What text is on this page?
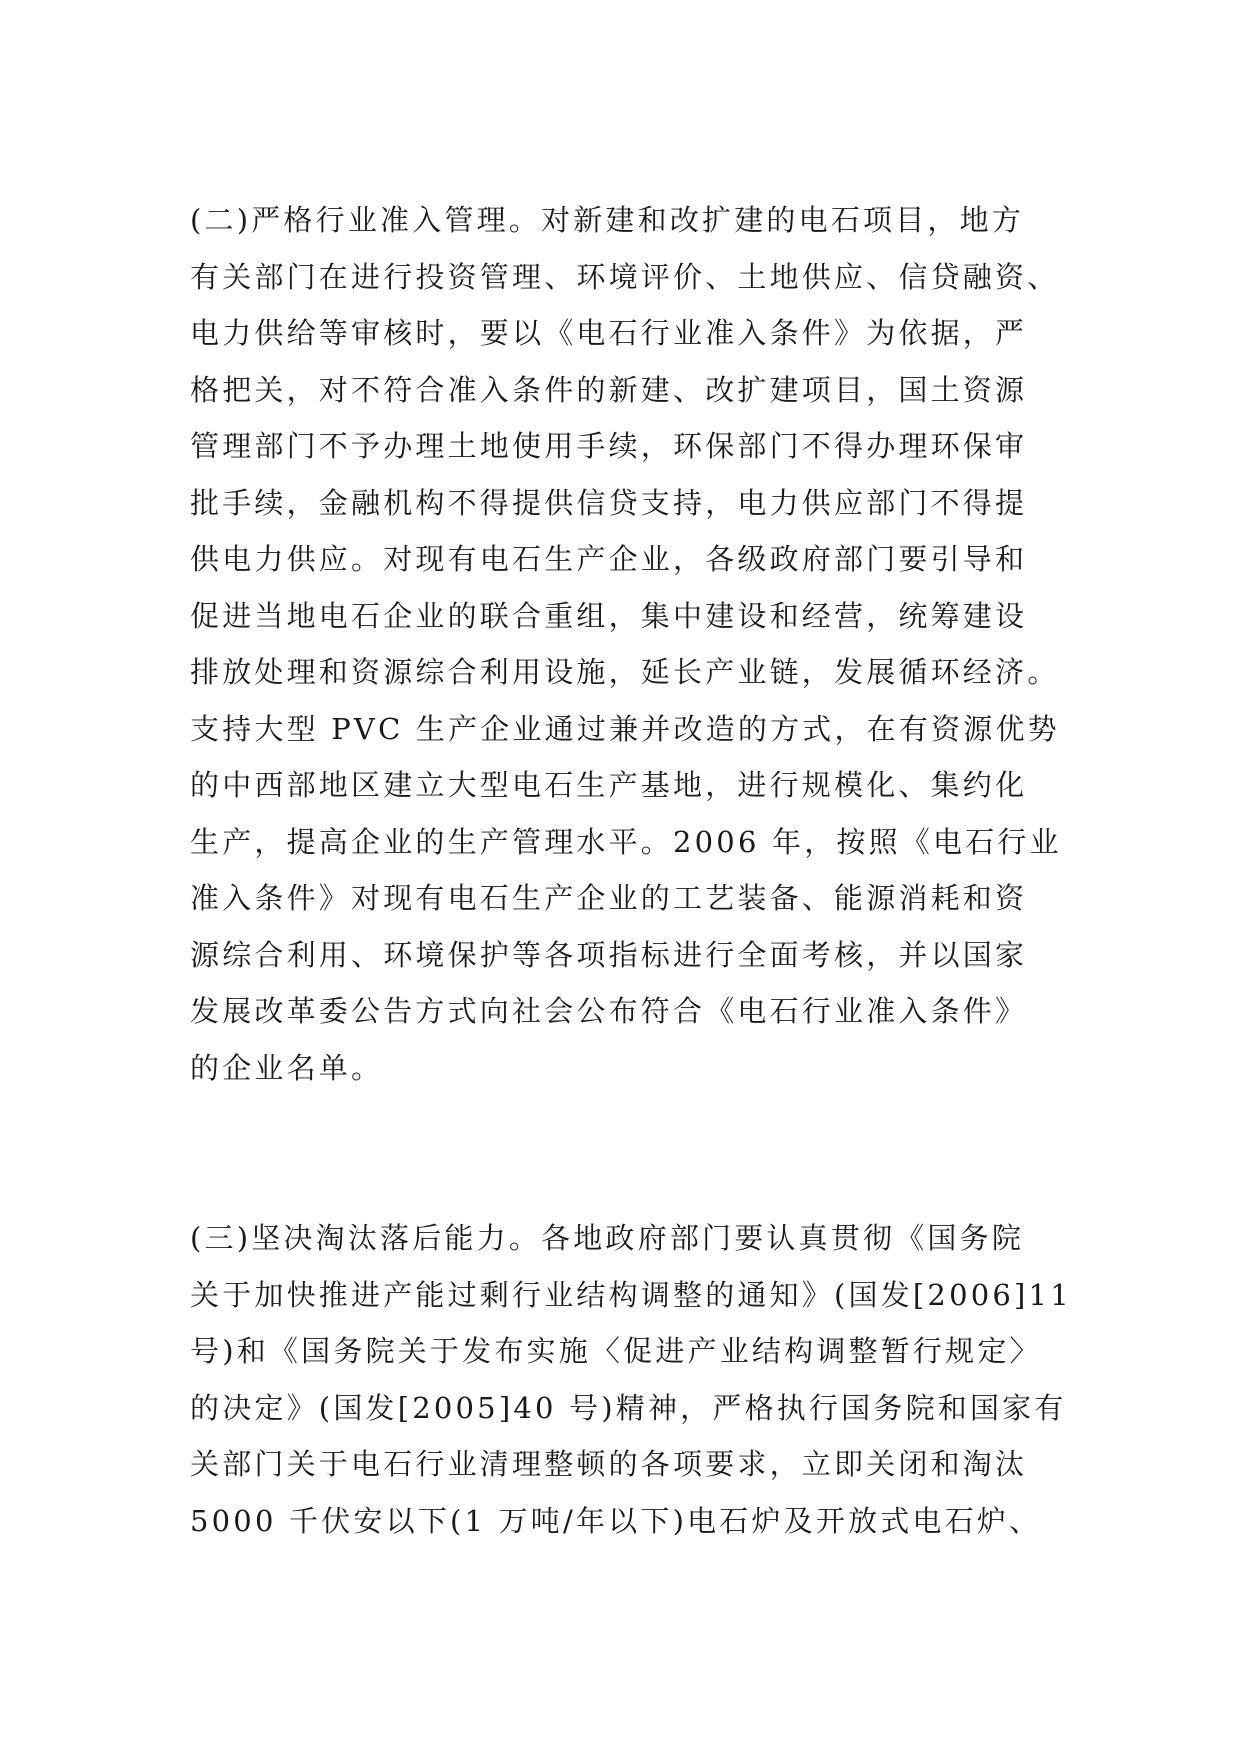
(二)严格行业准入管理。对新建和改扩建的电石项目，地方
有关部门在进行投资管理、环境评价、土地供应、信贷融资、
电力供给等审核时，要以《电石行业准入条件》为依据，严
格把关，对不符合准入条件的新建、改扩建项目，国土资源
管理部门不予办理土地使用手续，环保部门不得办理环保审
批手续，金融机构不得提供信贷支持，电力供应部门不得提
供电力供应。对现有电石生产企业，各级政府部门要引导和
促进当地电石企业的联合重组，集中建设和经营，统筹建设
排放处理和资源综合利用设施，延长产业链，发展循环经济。
支持大型 PVC 生产企业通过兼并改造的方式，在有资源优势
的中西部地区建立大型电石生产基地，进行规模化、集约化
生产，提高企业的生产管理水平。2006 年，按照《电石行业
准入条件》对现有电石生产企业的工艺装备、能源消耗和资
源综合利用、环境保护等各项指标进行全面考核，并以国家
发展改革委公告方式向社会公布符合《电石行业准入条件》
的企业名单。
(三)坚决淘汰落后能力。各地政府部门要认真贯彻《国务院
关于加快推进产能过剩行业结构调整的通知》(国发[2006]11
号)和《国务院关于发布实施〈促进产业结构调整暂行规定〉
的决定》(国发[2005]40 号)精神，严格执行国务院和国家有
关部门关于电石行业清理整顿的各项要求，立即关闭和淘汰
5000 千伏安以下(1 万吨/年以下)电石炉及开放式电石炉、
